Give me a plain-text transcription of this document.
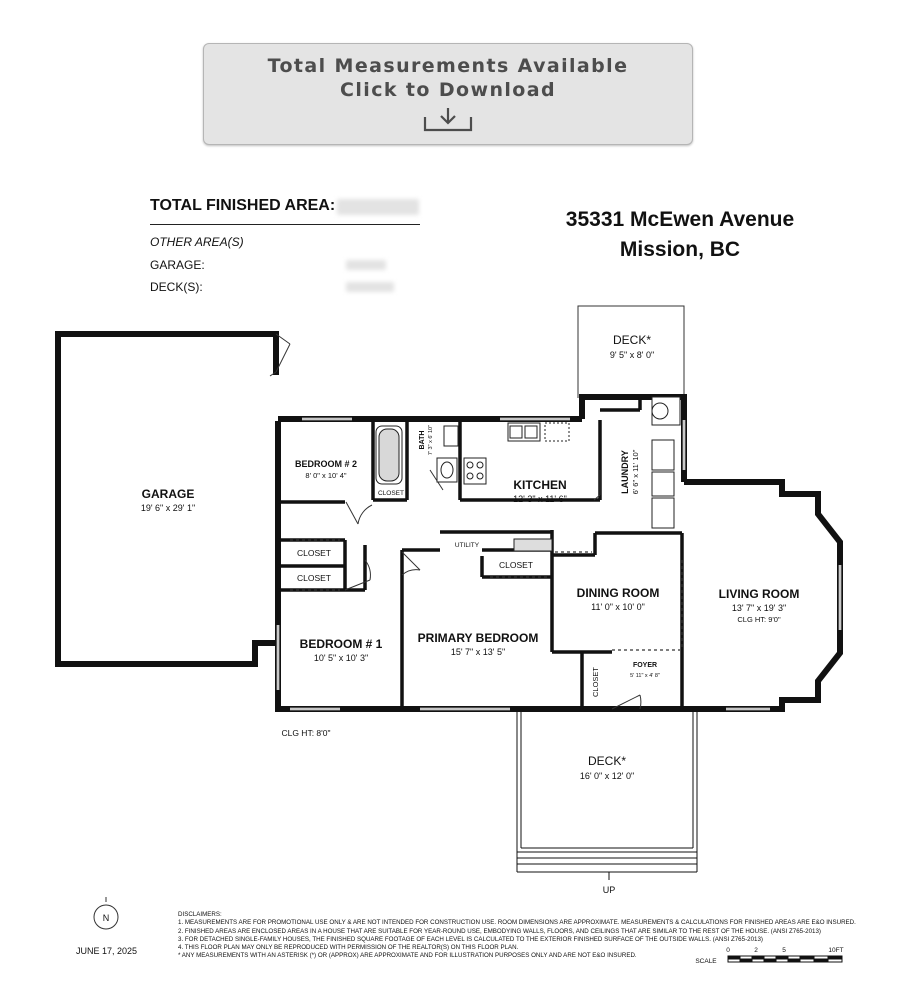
Total Measurements Available
Click to Download
TOTAL FINISHED AREA:
OTHER AREA(S)
GARAGE:
DECK(S):
35331 McEwen Avenue
Mission, BC
DECK*
9' 5" x 8' 0"
GARAGE
19' 6" x 29' 1"
BEDROOM # 2
8' 0" x 10' 4"
BATH 7' 3" x 6' 10"
KITCHEN
12' 3" x 11' 6"
LAUNDRY 6' 6" x 11' 10"
LIVING ROOM
13' 7" x 19' 3"
CLG HT: 9'0"
DINING ROOM
11' 0" x 10' 0"
PRIMARY BEDROOM
15' 7" x 13' 5"
BEDROOM # 1
10' 5" x 10' 3"
FOYER
5' 11" x 4' 8"
DECK*
16' 0" x 12' 0"
CLOSET
CLOSET
CLOSET
CLOSET
CLOSET
UTILITY
UP
CLG HT: 8'0"
N
SCALE
0	2	5	10FT
JUNE 17, 2025
DISCLAIMERS:
1. MEASUREMENTS ARE FOR PROMOTIONAL USE ONLY & ARE NOT INTENDED FOR CONSTRUCTION USE. ROOM DIMENSIONS ARE APPROXIMATE. MEASUREMENTS & CALCULATIONS FOR FINISHED AREAS ARE E&O INSURED.
2. FINISHED AREAS ARE ENCLOSED AREAS IN A HOUSE THAT ARE SUITABLE FOR YEAR-ROUND USE, EMBODYING WALLS, FLOORS, AND CEILINGS THAT ARE SIMILAR TO THE REST OF THE HOUSE. (ANSI Z765-2013)
3. FOR DETACHED SINGLE-FAMILY HOUSES, THE FINISHED SQUARE FOOTAGE OF EACH LEVEL IS CALCULATED TO THE EXTERIOR FINISHED SURFACE OF THE OUTSIDE WALLS. (ANSI Z765-2013)
4. THIS FLOOR PLAN MAY ONLY BE REPRODUCED WITH PERMISSION OF THE REALTOR(S) ON THIS FLOOR PLAN.
* ANY MEASUREMENTS WITH AN ASTERISK (*) OR (APPROX) ARE APPROXIMATE AND FOR ILLUSTRATION PURPOSES ONLY AND ARE NOT E&O INSURED.
